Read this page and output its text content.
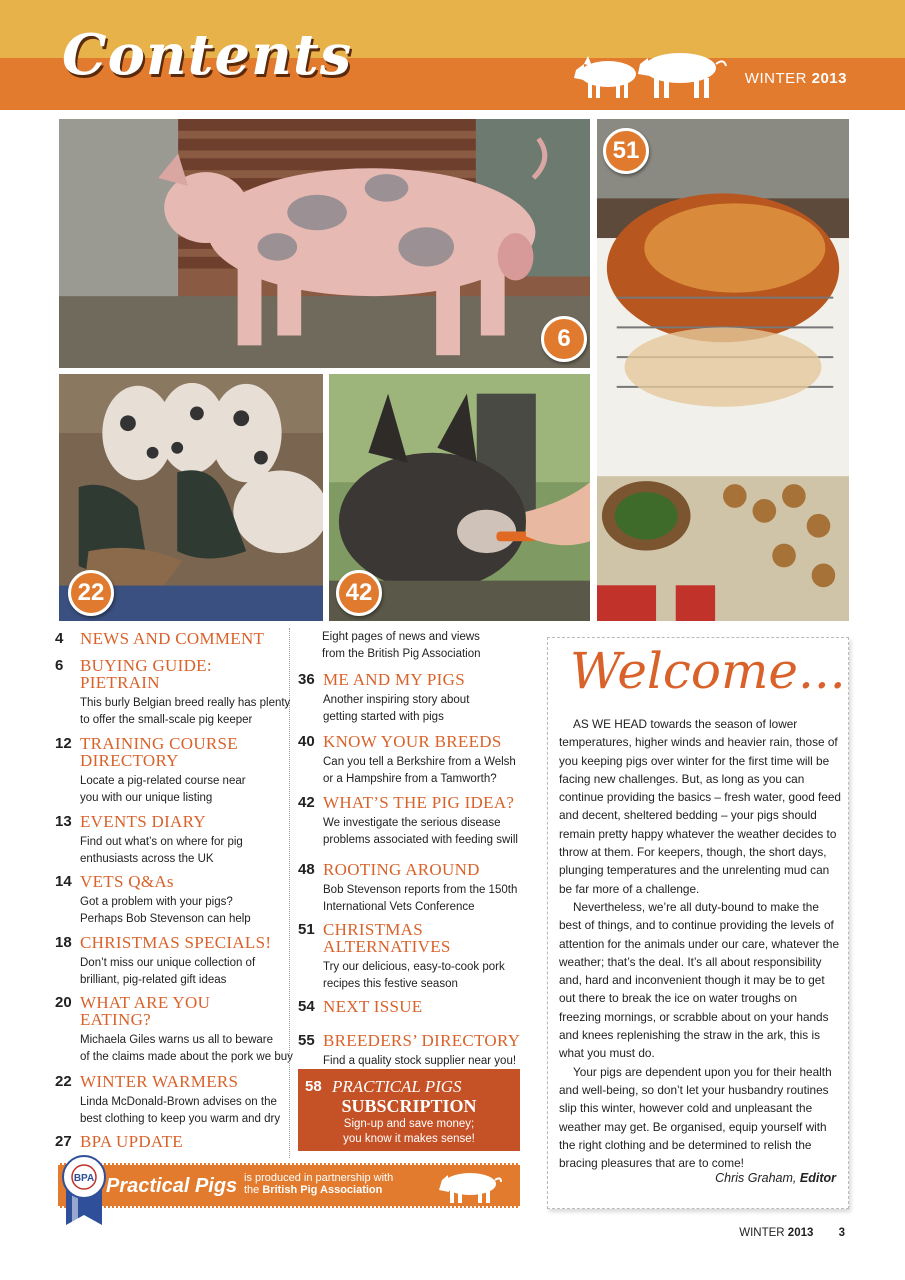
Contents	WINTER 2013
6
51
22	42
4 NEWS AND COMMENT
6 BUYING GUIDE:
PIETRAIN
This burly Belgian breed really has plenty
to offer the small-scale pig keeper
12 TRAINING COURSE
DIRECTORY
Locate a pig-related course near
you with our unique listing
13 EVENTS DIARY
Find out what’s on where for pig
enthusiasts across the UK
14 VETS Q&As
Got a problem with your pigs?
Perhaps Bob Stevenson can help
18 CHRISTMAS SPECIALS!
Don’t miss our unique collection of
brilliant, pig-related gift ideas
20 WHAT ARE YOU
EATING?
Michaela Giles warns us all to beware
of the claims made about the pork we buy
22 WINTER WARMERS
Linda McDonald-Brown advises on the
best clothing to keep you warm and dry
27 BPA UPDATE
Eight pages of news and views
from the British Pig Association
36 ME AND MY PIGS
Another inspiring story about
getting started with pigs
40 KNOW YOUR BREEDS
Can you tell a Berkshire from a Welsh
or a Hampshire from a Tamworth?
42 WHAT’S THE PIG IDEA?
We investigate the serious disease
problems associated with feeding swill
48 ROOTING AROUND
Bob Stevenson reports from the 150th
International Vets Conference
51 CHRISTMAS
ALTERNATIVES
Try our delicious, easy-to-cook pork
recipes this festive season
54 NEXT ISSUE
55 BREEDERS’ DIRECTORY
Find a quality stock supplier near you!
58 PRACTICAL PIGS
SUBSCRIPTION
Sign-up and save money;
you know it makes sense!
Practical Pigs is produced in partnership with
the British Pig Association
BPA
Welcome...

AS WE HEAD towards the season of lower temperatures, higher winds and heavier rain, those of you keeping pigs over winter for the first time will be facing new challenges. But, as long as you can continue providing the basics – fresh water, good feed and decent, sheltered bedding – your pigs should remain pretty happy whatever the weather decides to throw at them. For keepers, though, the short days, plunging temperatures and the unrelenting mud can be far more of a challenge.

Nevertheless, we’re all duty-bound to make the best of things, and to continue providing the levels of attention for the animals under our care, whatever the weather; that’s the deal. It’s all about responsibility and, hard and inconvenient though it may be to get out there to break the ice on water troughs on freezing mornings, or scrabble about on your hands and knees replenishing the straw in the ark, this is what you must do.

Your pigs are dependent upon you for their health and well-being, so don’t let your husbandry routines slip this winter, however cold and unpleasant the weather may get. Be organised, equip yourself with the right clothing and be determined to relish the bracing pleasures that are to come!

Chris Graham, Editor
WINTER 2013 3
